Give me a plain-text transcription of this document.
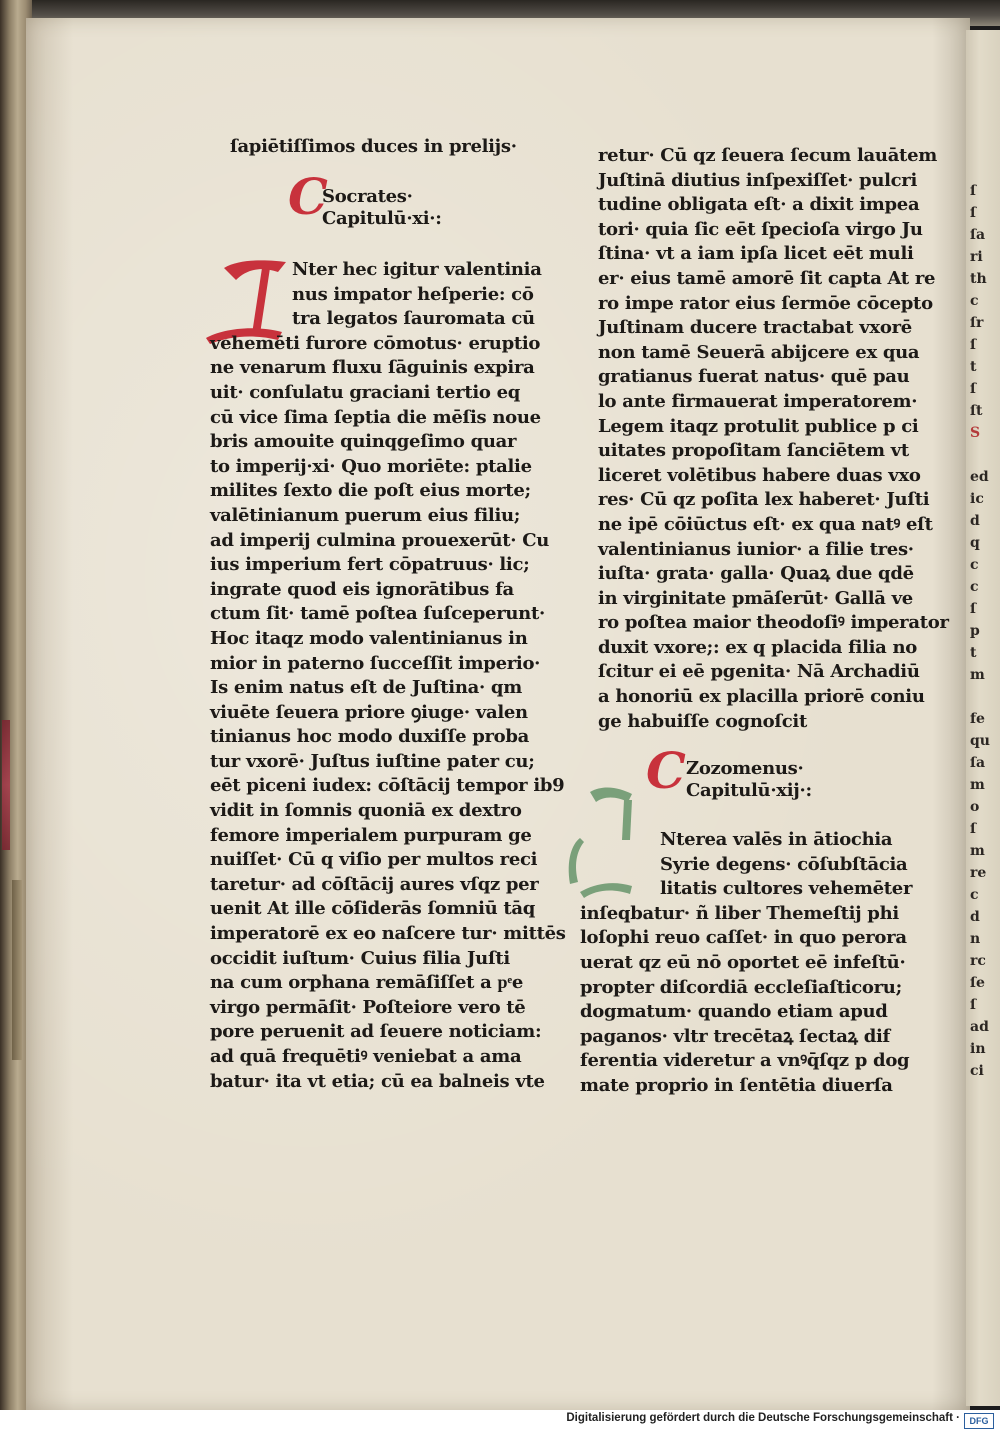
ſ
ſ
ſa
ri
th
c
ſr
ſ
t
ſ
ſt
S

ed
ic
d
q
c
c
ſ
p
t
m

fe
qu
ſa
m
o
ſ
m
re
c
d
n
rc
ſe
ſ
ad
in
ci
ſapiētiſſimos duces in prelijs·
C
Socrates·
Capitulū·xi·:
Nter hec igitur valentinia
nus impator heſperie: cō
tra legatos ſauromata cū
vehemēti furore cōmotus· eruptio
ne venarum fluxu ſāguinis expira
uit· conſulatu graciani tertio eq
cū vice ſima ſeptia die mēſis noue
bris amouite quinqgeſimo quar
to imperij·xi· Quo moriēte: ptalie
milites ſexto die poſt eius morte;
valētinianum puerum eius filiu;
ad imperij culmina prouexerūt· Cu
ius imperium fert cōpatruus· lic;
ingrate quod eis ignorātibus fa
ctum ſit· tamē poſtea ſuſceperunt·
Hoc itaqz modo valentinianus in
mior in paterno ſucceſſit imperio·
Is enim natus eſt de Juſtina· qm
viuēte ſeuera priore ꝯiuge· valen
tinianus hoc modo duxiſſe proba
tur vxorē· Juſtus iuſtine pater cu;
eēt piceni iudex: cōſtācij tempor ib9
vidit in ſomnis quoniā ex dextro
femore imperialem purpuram ge
nuiſſet· Cū q viſio per multos reci
taretur· ad cōſtācij aures vſqz per
uenit At ille cōſiderās ſomniū tāq
imperatorē ex eo naſcere tur· mittēs
occidit iuſtum· Cuius filia Juſti
na cum orphana remāſiſſet a pͤe
virgo permāſit· Poſteiore vero tē
pore peruenit ad ſeuere noticiam:
ad quā frequētiꝰ veniebat a ama
batur· ita vt etia; cū ea balneis vte
retur· Cū qz ſeuera ſecum lauātem
Juſtinā diutius inſpexiſſet· pulcri
tudine obligata eſt· a dixit impea
tori· quia ſic eēt ſpecioſa virgo Ju
ſtina· vt a iam ipſa licet eēt muli
er· eius tamē amorē ſit capta At re
ro impe rator eius ſermōe cōcepto
Juſtinam ducere tractabat vxorē
non tamē Seuerā abijcere ex qua
gratianus fuerat natus· quē pau
lo ante firmauerat imperatorem·
Legem itaqz protulit publice p ci
uitates propoſitam ſanciētem vt
liceret volētibus habere duas vxo
res· Cū qz poſita lex haberet· Juſti
ne ipē cōiūctus eſt· ex qua natꝰ eſt
valentinianus iunior· a filie tres·
iuſta· grata· galla· Quaꝝ due qdē
in virginitate pmāſerūt· Gallā ve
ro poſtea maior theodoſiꝰ imperator
duxit vxore;: ex q placida filia no
ſcitur ei eē pgenita· Nā Archadiū
a honoriū ex placilla priorē coniu
ge habuiſſe cognoſcit
C Zozomenus·
Capitulū·xij·:
Nterea valēs in ātiochia
Syrie degens· cōſubſtācia
litatis cultores vehemēter
inſeqbatur· ñ liber Themeſtij phi
loſophi reuo caſſet· in quo perora
uerat qz eū nō oportet eē infeſtū·
propter diſcordiā eccleſiaſticoru;
dogmatum· quando etiam apud
paganos· vltr trecētaꝝ ſectaꝝ dif
ferentia videretur a vnꝰq̄ſqz p dog
mate proprio in ſentētia diuerſa
Digitalisierung gefördert durch die Deutsche Forschungsgemeinschaft ·	DFG
